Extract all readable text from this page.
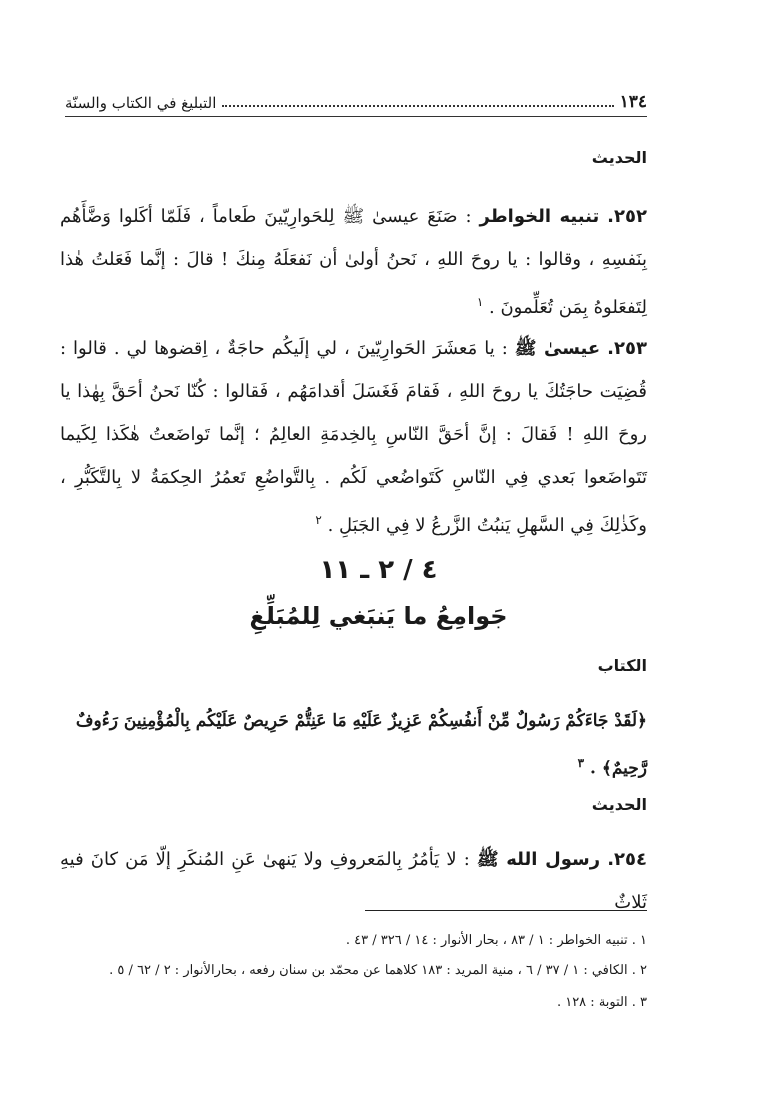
١٣٤
التبليغ في الكتاب والسنّة
الحديث
٢٥٢. تنبيه الخواطر : صَنَعَ عيسىٰ ﷺ لِلحَوارِيّينَ طَعاماً ، فَلَمّا أكَلوا وَضَّأَهُم بِنَفسِهِ ، وقالوا : يا روحَ اللهِ ، نَحنُ أولىٰ أن نَفعَلَهُ مِنكَ ! قالَ : إنَّما فَعَلتُ هٰذا لِتَفعَلوهُ بِمَن تُعَلِّمونَ . $^١$
٢٥٣. عيسىٰ ﷺ : يا مَعشَرَ الحَوارِيّينَ ، لي إلَيكُم حاجَةٌ ، اِقضوها لي . قالوا : قُضِيَت حاجَتُكَ يا روحَ اللهِ ، فَقامَ فَغَسَلَ أقدامَهُم ، فَقالوا : كُنّا نَحنُ أحَقَّ بِهٰذا يا روحَ اللهِ ! فَقالَ : إنَّ أحَقَّ النّاسِ بِالخِدمَةِ العالِمُ ؛ إنَّما تَواضَعتُ هٰكَذا لِكَيما تَتَواضَعوا بَعدي فِي النّاسِ كَتَواضُعي لَكُم . بِالتَّواضُعِ تَعمُرُ الحِكمَةُ لا بِالتَّكَبُّرِ ، وكَذٰلِكَ فِي السَّهلِ يَنبُتُ الزَّرعُ لا فِي الجَبَلِ . $^٢$
٤ / ٢ ـ ١١
جَوامِعُ ما يَنبَغي لِلمُبَلِّغِ
الكتاب
﴿لَقَدْ جَاءَكُمْ رَسُولٌ مِّنْ أَنفُسِكُمْ عَزِيزٌ عَلَيْهِ مَا عَنِتُّمْ حَرِيصٌ عَلَيْكُم بِالْمُؤْمِنِينَ رَءُوفٌ رَّحِيمٌ﴾ . $^٣$
الحديث
٢٥٤. رسول الله ﷺ : لا يَأمُرُ بِالمَعروفِ ولا يَنهىٰ عَنِ المُنكَرِ إلّا مَن كانَ فيهِ ثَلاثٌ
١ . تنبيه الخواطر : ١ / ٨٣ ، بحار الأنوار : ١٤ / ٣٢٦ / ٤٣ .
٢ . الكافي : ١ / ٣٧ / ٦ ، منية المريد : ١٨٣ كلاهما عن محمّد بن سنان رفعه ، بحارالأنوار : ٢ / ٦٢ / ٥ .
٣ . التوبة : ١٢٨ .
